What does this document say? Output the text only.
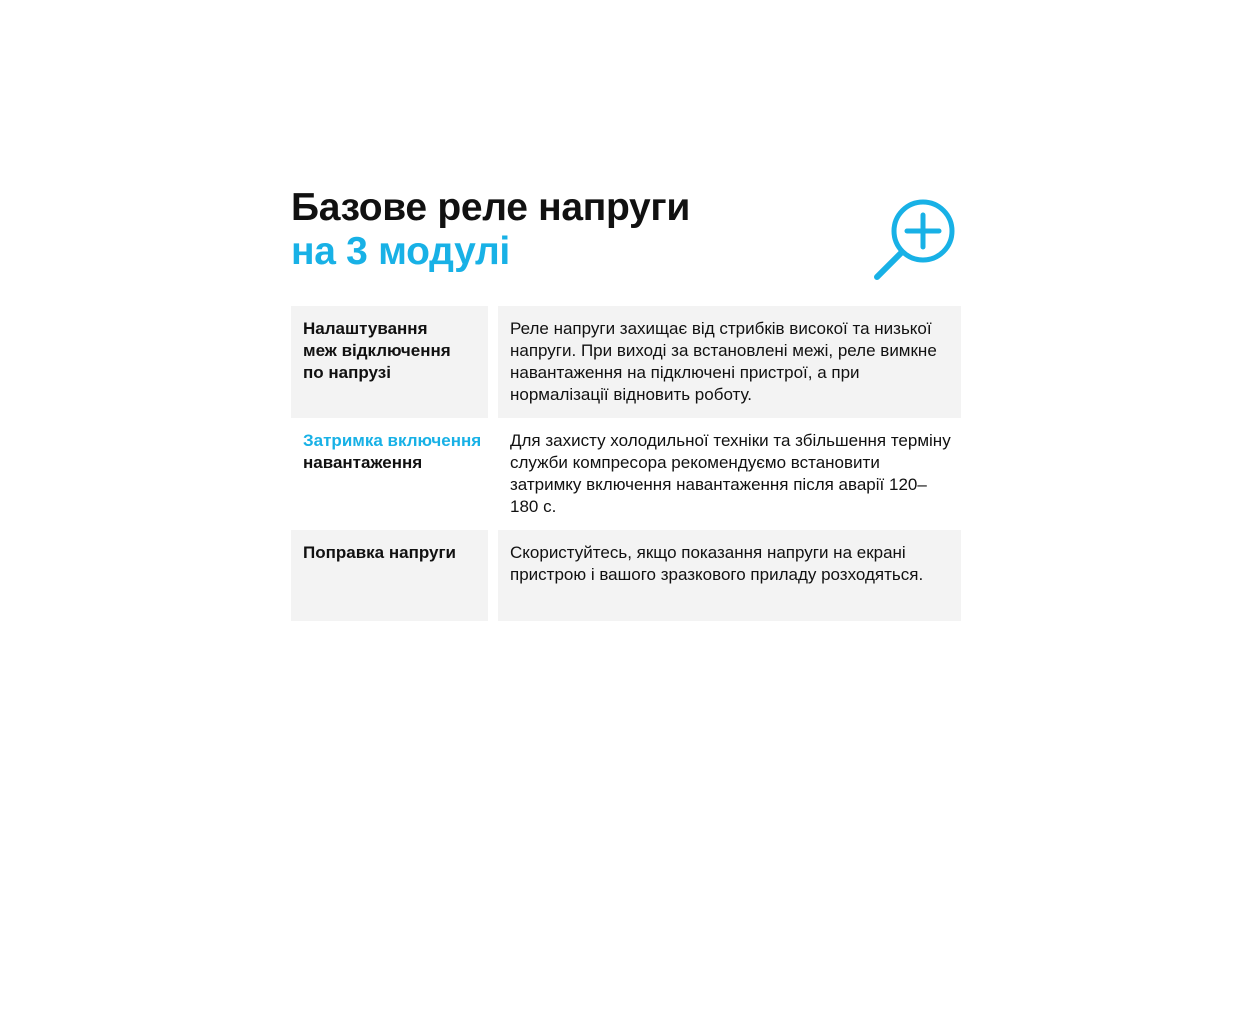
Базове реле напруги
на 3 модулі
Налаштування
меж відключення
по напрузі
Реле напруги захищає від стрибків високої та низької напруги. При виході за встановлені межі, реле вимкне навантаження на підключені пристрої, а при нормалізації відновить роботу.
Затримка включення
навантаження
Для захисту холодильної техніки та збільшення терміну служби компресора рекомендуємо встановити затримку включення навантаження після аварії 120–180 с.
Поправка напруги	Скористуйтесь, якщо показання напруги на екрані пристрою і вашого зразкового приладу розходяться.
